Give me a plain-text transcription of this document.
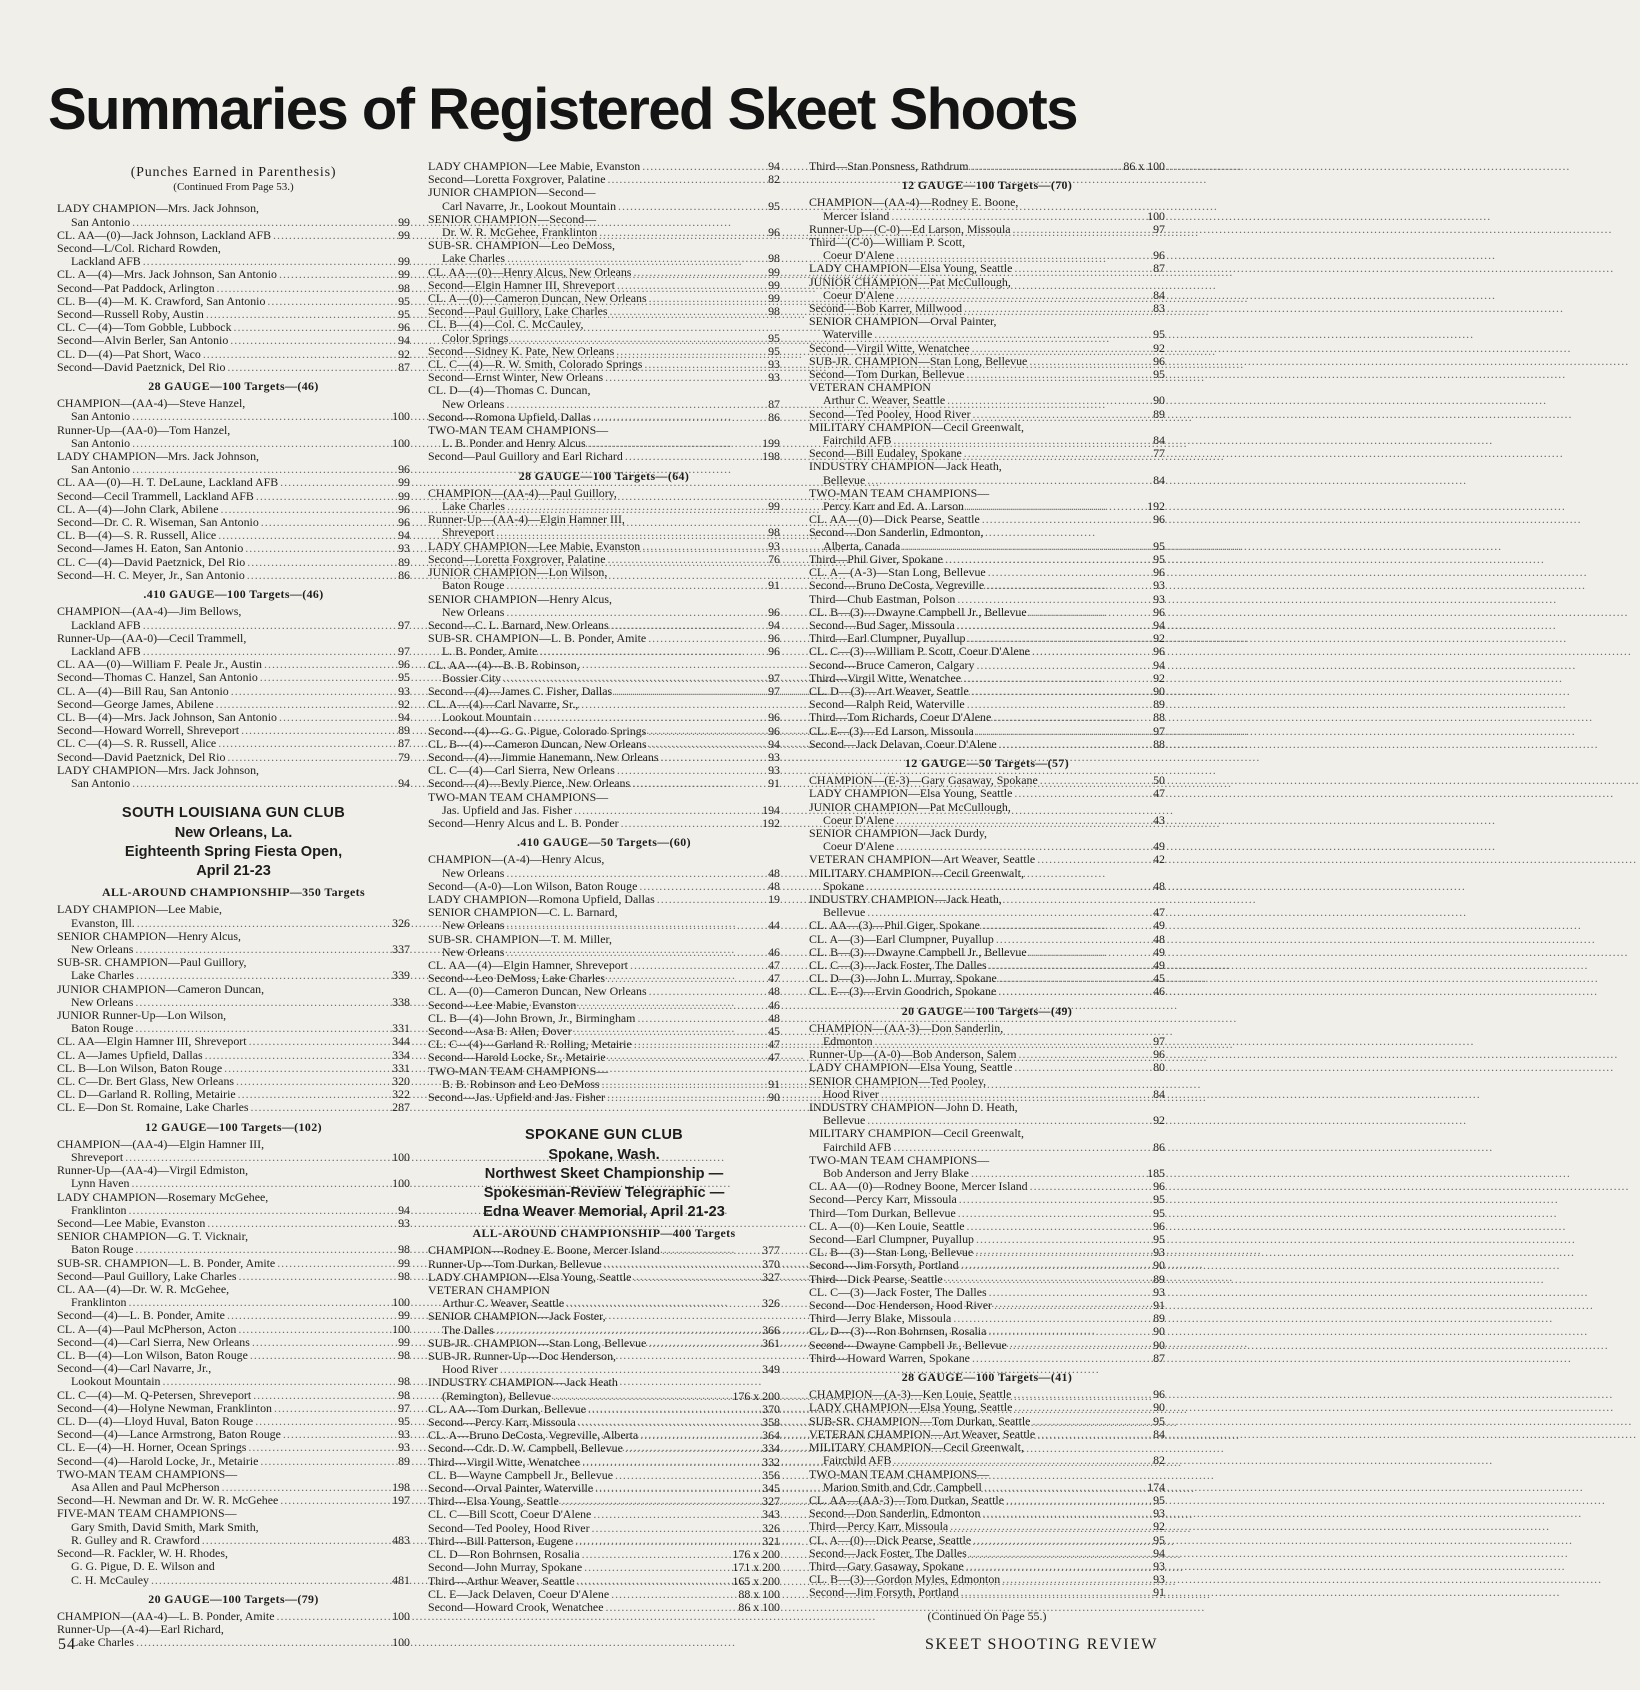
Summaries of Registered Skeet Shoots
(Punches Earned in Parenthesis)
(Continued From Page 53.)
LADY CHAMPION—Mrs. Jack Johnson,
San Antonio .....	99
CL. AA—(0)—Jack Johnson, Lackland AFB .....	99
Second—L/Col. Richard Rowden,
Lackland AFB .....	99
CL. A—(4)—Mrs. Jack Johnson, San Antonio .....	99
Second—Pat Paddock, Arlington .....	98
CL. B—(4)—M. K. Crawford, San Antonio .....	95
Second—Russell Roby, Austin .....	95
CL. C—(4)—Tom Gobble, Lubbock .....	96
Second—Alvin Berler, San Antonio .....	94
CL. D—(4)—Pat Short, Waco .....	92
Second—David Paetznick, Del Rio .....	87
28 GAUGE—100 Targets—(46)
CHAMPION—(AA-4)—Steve Hanzel,
San Antonio .....	100
Runner-Up—(AA-0)—Tom Hanzel,
San Antonio .....	100
LADY CHAMPION—Mrs. Jack Johnson,
San Antonio .....	96
CL. AA—(0)—H. T. DeLaune, Lackland AFB .....	99
Second—Cecil Trammell, Lackland AFB .....	99
CL. A—(4)—John Clark, Abilene .....	96
Second—Dr. C. R. Wiseman, San Antonio .....	96
CL. B—(4)—S. R. Russell, Alice .....	94
Second—James H. Eaton, San Antonio .....	93
CL. C—(4)—David Paetznick, Del Rio .....	89
Second—H. C. Meyer, Jr., San Antonio .....	86
.410 GAUGE—100 Targets—(46)
CHAMPION—(AA-4)—Jim Bellows,
Lackland AFB .....	97
Runner-Up—(AA-0)—Cecil Trammell,
Lackland AFB .....	97
CL. AA—(0)—William F. Peale Jr., Austin .....	96
Second—Thomas C. Hanzel, San Antonio .....	95
CL. A—(4)—Bill Rau, San Antonio .....	93
Second—George James, Abilene .....	92
CL. B—(4)—Mrs. Jack Johnson, San Antonio .....	94
Second—Howard Worrell, Shreveport .....	89
CL. C—(4)—S. R. Russell, Alice .....	87
Second—David Paetznick, Del Rio .....	79
LADY CHAMPION—Mrs. Jack Johnson,
San Antonio .....	94
SOUTH LOUISIANA GUN CLUB
New Orleans, La.
Eighteenth Spring Fiesta Open,
April 21-23
ALL-AROUND CHAMPIONSHIP—350 Targets
LADY CHAMPION—Lee Mabie,
Evanston, Ill. .....	326
SENIOR CHAMPION—Henry Alcus,
New Orleans .....	337
SUB-SR. CHAMPION—Paul Guillory,
Lake Charles .....	339
JUNIOR CHAMPION—Cameron Duncan,
New Orleans .....	338
JUNIOR Runner-Up—Lon Wilson,
Baton Rouge .....	331
CL. AA—Elgin Hamner III, Shreveport .....	344
CL. A—James Upfield, Dallas .....	334
CL. B—Lon Wilson, Baton Rouge .....	331
CL. C—Dr. Bert Glass, New Orleans .....	320
CL. D—Garland R. Rolling, Metairie .....	322
CL. E—Don St. Romaine, Lake Charles .....	287
12 GAUGE—100 Targets—(102)
CHAMPION—(AA-4)—Elgin Hamner III,
Shreveport .....	100
Runner-Up—(AA-4)—Virgil Edmiston,
Lynn Haven .....	100
LADY CHAMPION—Rosemary McGehee,
Franklinton .....	94
Second—Lee Mabie, Evanston .....	93
SENIOR CHAMPION—G. T. Vicknair,
Baton Rouge .....	98
SUB-SR. CHAMPION—L. B. Ponder, Amite .....	99
Second—Paul Guillory, Lake Charles .....	98
CL. AA—(4)—Dr. W. R. McGehee,
Franklinton .....	100
Second—(4)—L. B. Ponder, Amite .....	99
CL. A—(4)—Paul McPherson, Acton .....	100
Second—(4)—Carl Sierra, New Orleans .....	99
CL. B—(4)—Lon Wilson, Baton Rouge .....	98
Second—(4)—Carl Navarre, Jr.,
Lookout Mountain .....	98
CL. C—(4)—M. Q-Petersen, Shreveport .....	98
Second—(4)—Holyne Newman, Franklinton .....	97
CL. D—(4)—Lloyd Huval, Baton Rouge .....	95
Second—(4)—Lance Armstrong, Baton Rouge .....	93
CL. E—(4)—H. Horner, Ocean Springs .....	93
Second—(4)—Harold Locke, Jr., Metairie .....	89
TWO-MAN TEAM CHAMPIONS—
Asa Allen and Paul McPherson .....	198
Second—H. Newman and Dr. W. R. McGehee .....	197
FIVE-MAN TEAM CHAMPIONS—
Gary Smith, David Smith, Mark Smith,
R. Gulley and R. Crawford .....	483
Second—R. Fackler, W. H. Rhodes,
G. G. Pigue, D. E. Wilson and
C. H. McCauley .....	481
20 GAUGE—100 Targets—(79)
CHAMPION—(AA-4)—L. B. Ponder, Amite .....	100
Runner-Up—(A-4)—Earl Richard,
Lake Charles .....	100
LADY CHAMPION—Lee Mabie, Evanston .....	94
Second—Loretta Foxgrover, Palatine .....	82
JUNIOR CHAMPION—Second—
Carl Navarre, Jr., Lookout Mountain .....	95
SENIOR CHAMPION—Second—
Dr. W. R. McGehee, Franklinton .....	96
SUB-SR. CHAMPION—Leo DeMoss,
Lake Charles .....	98
CL. AA—(0)—Henry Alcus, New Orleans .....	99
Second—Elgin Hamner III, Shreveport .....	99
CL. A—(0)—Cameron Duncan, New Orleans .....	99
Second—Paul Guillory, Lake Charles .....	98
CL. B—(4)—Col. C. McCauley,
Color Springs .....	95
Second—Sidney K. Pate, New Orleans .....	95
CL. C—(4)—R. W. Smith, Colorado Springs .....	93
Second—Ernst Winter, New Orleans .....	93
CL. D—(4)—Thomas C. Duncan,
New Orleans .....	87
Second—Romona Upfield, Dallas .....	86
TWO-MAN TEAM CHAMPIONS—
L. B. Ponder and Henry Alcus .....	199
Second—Paul Guillory and Earl Richard .....	198
28 GAUGE—100 Targets—(64)
CHAMPION—(AA-4)—Paul Guillory,
Lake Charles .....	99
Runner-Up—(AA-4)—Elgin Hamner III,
Shreveport .....	98
LADY CHAMPION—Lee Mabie, Evanston .....	93
Second—Loretta Foxgrover, Palatine .....	76
JUNIOR CHAMPION—Lon Wilson,
Baton Rouge .....	91
SENIOR CHAMPION—Henry Alcus,
New Orleans .....	96
Second—C. L. Barnard, New Orleans .....	94
SUB-SR. CHAMPION—L. B. Ponder, Amite .....	96
L. B. Ponder, Amite .....	96
CL. AA—(4)—B. B. Robinson,
Bossier City .....	97
Second—(4)—James C. Fisher, Dallas .....	97
CL. A—(4)—Carl Navarre, Sr.,
Lookout Mountain .....	96
Second—(4)—G. G. Pigue, Colorado Springs .....	96
CL. B—(4)—Cameron Duncan, New Orleans .....	94
Second—(4)—Jimmie Hanemann, New Orleans .....	93
CL. C—(4)—Carl Sierra, New Orleans .....	93
Second—(4)—Bevly Pierce, New Orleans .....	91
TWO-MAN TEAM CHAMPIONS—
Jas. Upfield and Jas. Fisher .....	194
Second—Henry Alcus and L. B. Ponder .....	192
.410 GAUGE—50 Targets—(60)
CHAMPION—(A-4)—Henry Alcus,
New Orleans .....	48
Second—(A-0)—Lon Wilson, Baton Rouge .....	48
LADY CHAMPION—Romona Upfield, Dallas .....	19
SENIOR CHAMPION—C. L. Barnard,
New Orleans .....	44
SUB-SR. CHAMPION—T. M. Miller,
New Orleans .....	46
CL. AA—(4)—Elgin Hamner, Shreveport .....	47
Second—Leo DeMoss, Lake Charles .....	47
CL. A—(0)—Cameron Duncan, New Orleans .....	48
Second—Lee Mabie, Evanston .....	46
CL. B—(4)—John Brown, Jr., Birmingham .....	48
Second—Asa B. Allen, Dover .....	45
CL. C—(4)—Garland R. Rolling, Metairie .....	47
Second—Harold Locke, Sr., Metairie .....	47
TWO-MAN TEAM CHAMPIONS—
B. B. Robinson and Leo DeMoss .....	91
Second—Jas. Upfield and Jas. Fisher .....	90
SPOKANE GUN CLUB
Spokane, Wash.
Northwest Skeet Championship —
Spokesman-Review Telegraphic —
Edna Weaver Memorial, April 21-23
ALL-AROUND CHAMPIONSHIP—400 Targets
CHAMPION—Rodney E. Boone, Mercer Island .....	377
Runner-Up—Tom Durkan, Bellevue .....	370
LADY CHAMPION—Elsa Young, Seattle .....	327
VETERAN CHAMPION
Arthur C. Weaver, Seattle .....	326
SENIOR CHAMPION—Jack Foster,
The Dalles .....	366
SUB-JR. CHAMPION—Stan Long, Bellevue .....	361
SUB-JR. Runner-Up—Doc Henderson,
Hood River .....	349
INDUSTRY CHAMPION—Jack Heath
(Remington), Bellevue .....	176 x 200
CL. AA—Tom Durkan, Bellevue .....	370
Second—Percy Karr, Missoula .....	358
CL. A—Bruno DeCosta, Vegreville, Alberta .....	364
Second—Cdr. D. W. Campbell, Bellevue .....	334
Third—Virgil Witte, Wenatchee .....	332
CL. B—Wayne Campbell Jr., Bellevue .....	356
Second—Orval Painter, Waterville .....	345
Third—Elsa Young, Seattle .....	327
CL. C—Bill Scott, Coeur D'Alene .....	343
Second—Ted Pooley, Hood River .....	326
Third—Bill Patterson, Eugene .....	321
CL. D—Ron Bohrnsen, Rosalia .....	176 x 200
Second—John Murray, Spokane .....	171 x 200
Third—Arthur Weaver, Seattle .....	165 x 200
CL. E—Jack Delaven, Coeur D'Alene .....	88 x 100
Second—Howard Crook, Wenatchee .....	86 x 100
Third—Stan Ponsness, Rathdrum .....	86 x 100
12 GAUGE—100 Targets—(70)
CHAMPION—(AA-4)—Rodney E. Boone,
Mercer Island .....	100
Runner-Up—(C-0)—Ed Larson, Missoula .....	97
Third—(C-0)—William P. Scott,
Coeur D'Alene .....	96
LADY CHAMPION—Elsa Young, Seattle .....	87
JUNIOR CHAMPION—Pat McCullough,
Coeur D'Alene .....	84
Second—Bob Karrer, Millwood .....	83
SENIOR CHAMPION—Orval Painter,
Waterville .....	95
Second—Virgil Witte, Wenatchee .....	92
SUB-JR. CHAMPION—Stan Long, Bellevue .....	96
Second—Tom Durkan, Bellevue .....	95
VETERAN CHAMPION
Arthur C. Weaver, Seattle .....	90
Second—Ted Pooley, Hood River .....	89
MILITARY CHAMPION—Cecil Greenwalt,
Fairchild AFB .....	84
Second—Bill Eudaley, Spokane .....	77
INDUSTRY CHAMPION—Jack Heath,
Bellevue .....	84
TWO-MAN TEAM CHAMPIONS—
Percy Karr and Ed. A. Larson .....	192
CL. AA—(0)—Dick Pearse, Seattle .....	96
Second—Don Sanderlin, Edmonton,
Alberta, Canada .....	95
Third—Phil Giver, Spokane .....	95
CL. A—(A-3)—Stan Long, Bellevue .....	96
Second—Bruno DeCosta, Vegreville .....	93
Third—Chub Eastman, Polson .....	93
CL. B—(3)—Dwayne Campbell Jr., Bellevue .....	96
Second—Bud Sager, Missoula .....	94
Third—Earl Clumpner, Puyallup .....	92
CL. C—(3)—William P. Scott, Coeur D'Alene .....	96
Second—Bruce Cameron, Calgary .....	94
Third—Virgil Witte, Wenatchee .....	92
CL. D—(3)—Art Weaver, Seattle .....	90
Second—Ralph Reid, Waterville .....	89
Third—Tom Richards, Coeur D'Alene .....	88
CL. E—(3)—Ed Larson, Missoula .....	97
Second—Jack Delavan, Coeur D'Alene .....	88
12 GAUGE—50 Targets—(57)
CHAMPION—(E-3)—Gary Gasaway, Spokane .....	50
LADY CHAMPION—Elsa Young, Seattle .....	47
JUNIOR CHAMPION—Pat McCullough,
Coeur D'Alene .....	43
SENIOR CHAMPION—Jack Durdy,
Coeur D'Alene .....	49
VETERAN CHAMPION—Art Weaver, Seattle .....	42
MILITARY CHAMPION—Cecil Greenwalt,
Spokane .....	48
INDUSTRY CHAMPION—Jack Heath,
Bellevue .....	47
CL. AA—(3)—Phil Giger, Spokane .....	49
CL. A—(3)—Earl Clumpner, Puyallup .....	48
CL. B—(3)—Dwayne Campbell Jr., Bellevue .....	49
CL. C—(3)—Jack Foster, The Dalles .....	49
CL. D—(3)—John L. Murray, Spokane .....	45
CL. E—(3)—Ervin Goodrich, Spokane .....	46
20 GAUGE—100 Targets—(49)
CHAMPION—(AA-3)—Don Sanderlin,
Edmonton .....	97
Runner-Up—(A-0)—Bob Anderson, Salem .....	96
LADY CHAMPION—Elsa Young, Seattle .....	80
SENIOR CHAMPION—Ted Pooley,
Hood River .....	84
INDUSTRY CHAMPION—John D. Heath,
Bellevue .....	92
MILITARY CHAMPION—Cecil Greenwalt,
Fairchild AFB .....	86
TWO-MAN TEAM CHAMPIONS—
Bob Anderson and Jerry Blake .....	185
CL. AA—(0)—Rodney Boone, Mercer Island .....	96
Second—Percy Karr, Missoula .....	95
Third—Tom Durkan, Bellevue .....	95
CL. A—(0)—Ken Louie, Seattle .....	96
Second—Earl Clumpner, Puyallup .....	95
CL. B—(3)—Stan Long, Bellevue .....	93
Second—Jim Forsyth, Portland .....	90
Third—Dick Pearse, Seattle .....	89
CL. C—(3)—Jack Foster, The Dalles .....	93
Second—Doc Henderson, Hood River .....	91
Third—Jerry Blake, Missoula .....	89
CL. D—(3)—Ron Bohrnsen, Rosalia .....	90
Second—Dwayne Campbell Jr., Bellevue .....	90
Third—Howard Warren, Spokane .....	87
28 GAUGE—100 Targets—(41)
CHAMPION—(A-3)—Ken Louie, Seattle .....	96
LADY CHAMPION—Elsa Young, Seattle .....	90
SUB-SR. CHAMPION—Tom Durkan, Seattle .....	95
VETERAN CHAMPION—Art Weaver, Seattle .....	84
MILITARY CHAMPION—Cecil Greenwalt,
Fairchild AFB .....	82
TWO-MAN TEAM CHAMPIONS—
Marion Smith and Cdr. Campbell .....	174
CL. AA—(AA-3)—Tom Durkan, Seattle .....	95
Second—Don Sanderlin, Edmonton .....	93
Third—Percy Karr, Missoula .....	92
CL. A—(0)—Dick Pearse, Seattle .....	95
Second—Jack Foster, The Dalles .....	94
Third—Gary Gasaway, Spokane .....	93
CL. B—(3)—Gordon Myles, Edmonton .....	93
Second—Jim Forsyth, Portland .....	91
(Continued On Page 55.)
54	SKEET SHOOTING REVIEW
